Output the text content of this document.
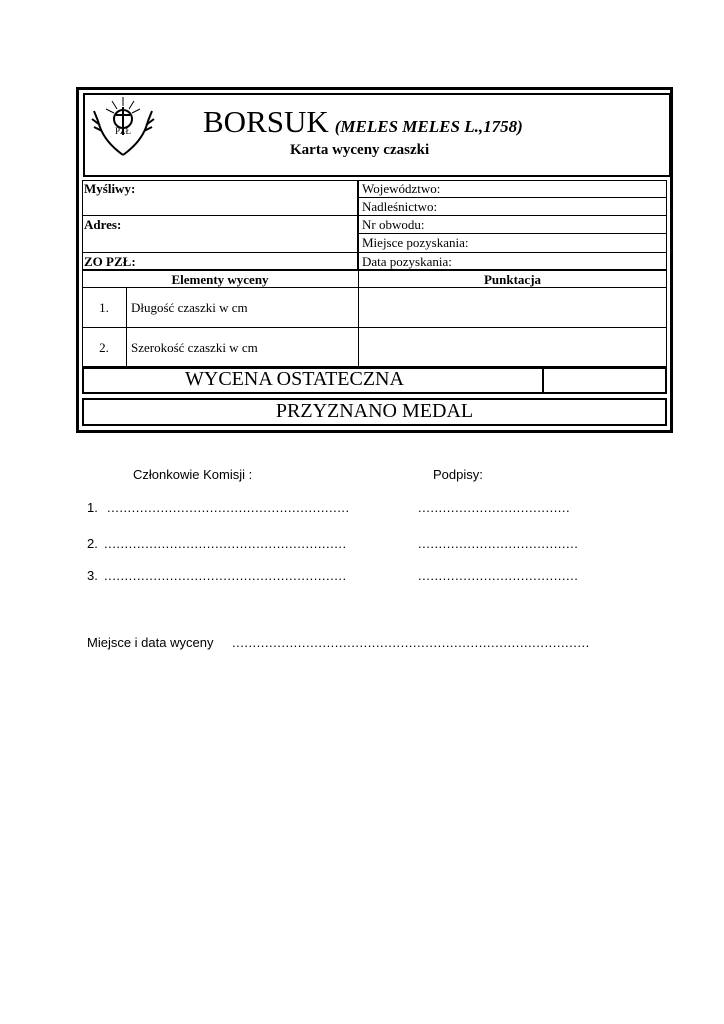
PZŁ BORSUK (MELES MELES L.,1758)
Karta wyceny czaszki
Myśliwy:
Adres:
ZO PZŁ:
Województwo:
Nadleśnictwo:
Nr obwodu:
Miejsce pozyskania:
Data pozyskania:
Elementy wyceny	Punktacja
1.	Długość czaszki w cm
2.	Szerokość czaszki w cm
WYCENA OSTATECZNA
PRZYZNANO MEDAL
Członkowie Komisji :	Podpisy:
1. ...........................................................	.....................................
2. ...........................................................	.......................................
3. ...........................................................	.......................................
Miejsce i data wyceny .......................................................................................
